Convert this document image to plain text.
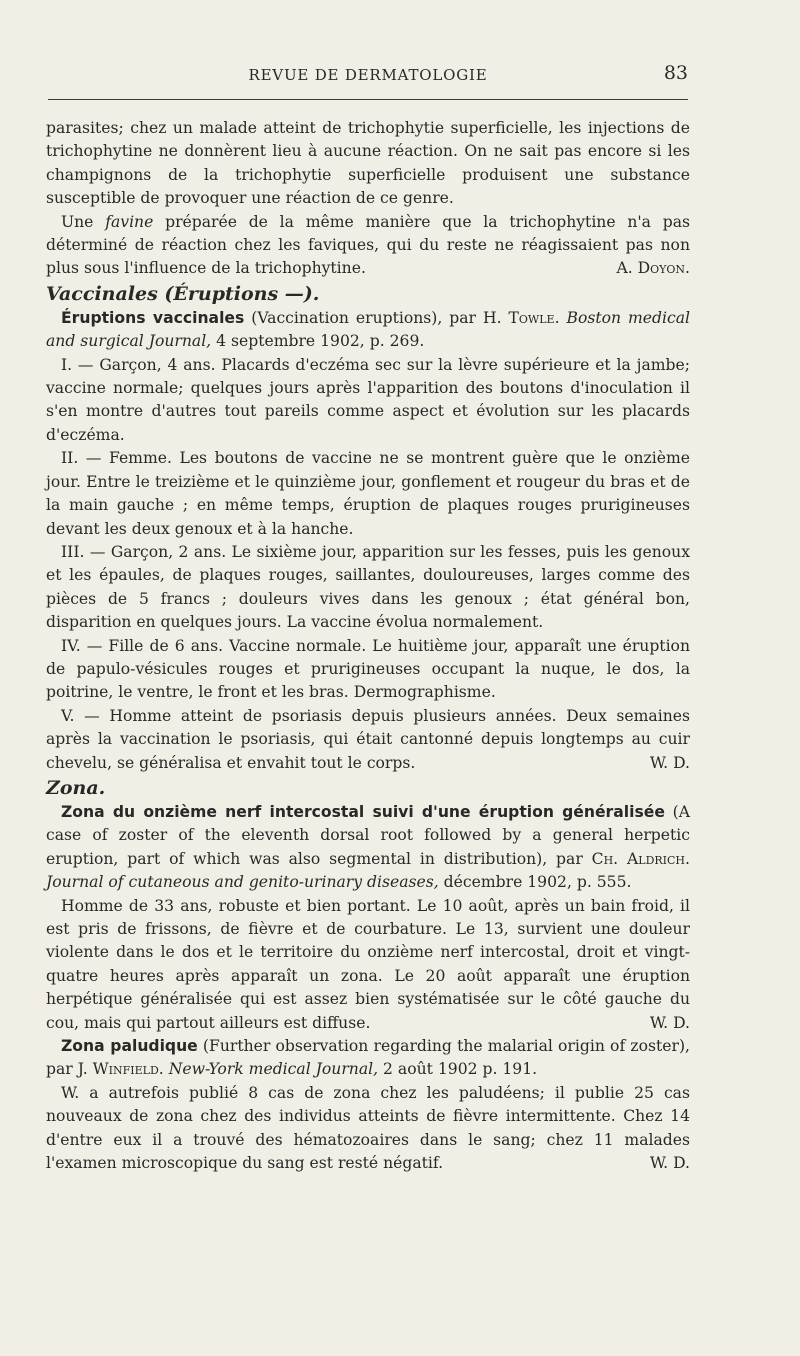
REVUE DE DERMATOLOGIE	83

parasites; chez un malade atteint de trichophytie superficielle, les injections de trichophytine ne donnèrent lieu à aucune réaction. On ne sait pas encore si les champignons de la trichophytie superficielle produisent une substance susceptible de provoquer une réaction de ce genre.

Une favine préparée de la même manière que la trichophytine n'a pas déterminé de réaction chez les faviques, qui du reste ne réagissaient pas non plus sous l'influence de la trichophytine.	A. Doyon.

Vaccinales (Éruptions —).

Éruptions vaccinales (Vaccination eruptions), par H. Towle. Boston medical and surgical Journal, 4 septembre 1902, p. 269.

I. — Garçon, 4 ans. Placards d'eczéma sec sur la lèvre supérieure et la jambe; vaccine normale; quelques jours après l'apparition des boutons d'inoculation il s'en montre d'autres tout pareils comme aspect et évolution sur les placards d'eczéma.

II. — Femme. Les boutons de vaccine ne se montrent guère que le onzième jour. Entre le treizième et le quinzième jour, gonflement et rougeur du bras et de la main gauche ; en même temps, éruption de plaques rouges prurigineuses devant les deux genoux et à la hanche.

III. — Garçon, 2 ans. Le sixième jour, apparition sur les fesses, puis les genoux et les épaules, de plaques rouges, saillantes, douloureuses, larges comme des pièces de 5 francs ; douleurs vives dans les genoux ; état général bon, disparition en quelques jours. La vaccine évolua normalement.

IV. — Fille de 6 ans. Vaccine normale. Le huitième jour, apparaît une éruption de papulo-vésicules rouges et prurigineuses occupant la nuque, le dos, la poitrine, le ventre, le front et les bras. Dermographisme.

V. — Homme atteint de psoriasis depuis plusieurs années. Deux semaines après la vaccination le psoriasis, qui était cantonné depuis longtemps au cuir chevelu, se généralisa et envahit tout le corps.	W. D.

Zona.

Zona du onzième nerf intercostal suivi d'une éruption généralisée (A case of zoster of the eleventh dorsal root followed by a general herpetic eruption, part of which was also segmental in distribution), par Ch. Aldrich. Journal of cutaneous and genito-urinary diseases, décembre 1902, p. 555.

Homme de 33 ans, robuste et bien portant. Le 10 août, après un bain froid, il est pris de frissons, de fièvre et de courbature. Le 13, survient une douleur violente dans le dos et le territoire du onzième nerf intercostal, droit et vingt-quatre heures après apparaît un zona. Le 20 août apparaît une éruption herpétique généralisée qui est assez bien systématisée sur le côté gauche du cou, mais qui partout ailleurs est diffuse.	W. D.

Zona paludique (Further observation regarding the malarial origin of zoster), par J. Winfield. New-York medical Journal, 2 août 1902 p. 191.

W. a autrefois publié 8 cas de zona chez les paludéens; il publie 25 cas nouveaux de zona chez des individus atteints de fièvre intermittente. Chez 14 d'entre eux il a trouvé des hématozoaires dans le sang; chez 11 malades l'examen microscopique du sang est resté négatif.	W. D.
